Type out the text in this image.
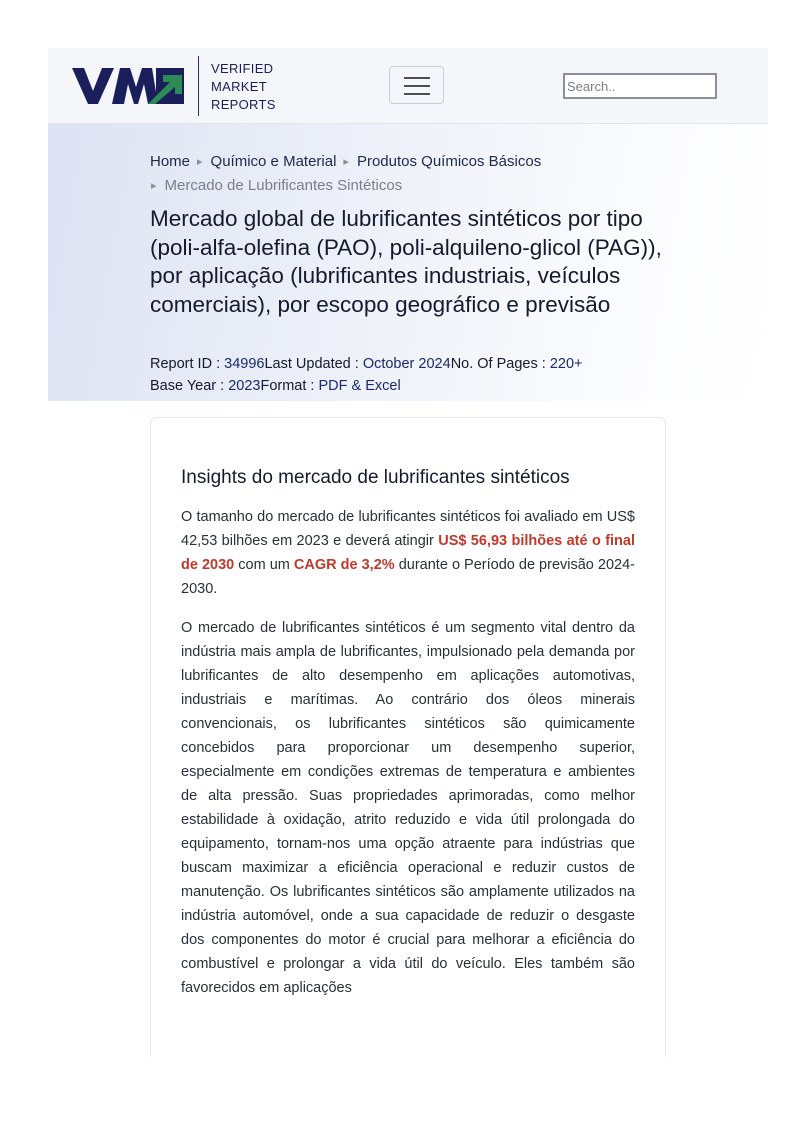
VERIFIED
MARKET
REPORTS
Search..
Home ▸ Químico e Material ▸ Produtos Químicos Básicos
▸ Mercado de Lubrificantes Sintéticos
Mercado global de lubrificantes sintéticos por tipo (poli-alfa-olefina (PAO), poli-alquileno-glicol (PAG)), por aplicação (lubrificantes industriais, veículos comerciais), por escopo geográfico e previsão
Report ID : 34996Last Updated : October 2024No. Of Pages : 220+
Base Year : 2023Format : PDF & Excel
Insights do mercado de lubrificantes sintéticos

O tamanho do mercado de lubrificantes sintéticos foi avaliado em US$ 42,53 bilhões em 2023 e deverá atingir US$ 56,93 bilhões até o final de 2030 com um CAGR de 3,2% durante o Período de previsão 2024-2030.

O mercado de lubrificantes sintéticos é um segmento vital dentro da indústria mais ampla de lubrificantes, impulsionado pela demanda por lubrificantes de alto desempenho em aplicações automotivas, industriais e marítimas. Ao contrário dos óleos minerais convencionais, os lubrificantes sintéticos são quimicamente concebidos para proporcionar um desempenho superior, especialmente em condições extremas de temperatura e ambientes de alta pressão. Suas propriedades aprimoradas, como melhor estabilidade à oxidação, atrito reduzido e vida útil prolongada do equipamento, tornam-nos uma opção atraente para indústrias que buscam maximizar a eficiência operacional e reduzir custos de manutenção. Os lubrificantes sintéticos são amplamente utilizados na indústria automóvel, onde a sua capacidade de reduzir o desgaste dos componentes do motor é crucial para melhorar a eficiência do combustível e prolongar a vida útil do veículo. Eles também são favorecidos em aplicações
